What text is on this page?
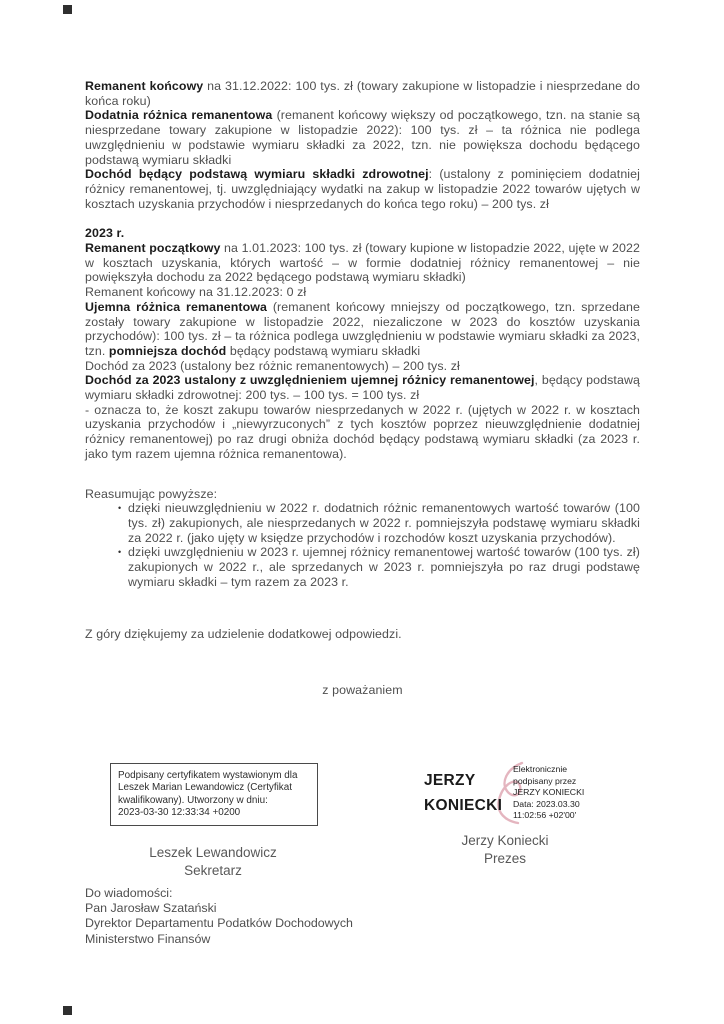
Remanent końcowy na 31.12.2022: 100 tys. zł (towary zakupione w listopadzie i niesprzedane do końca roku)
Dodatnia różnica remanentowa (remanent końcowy większy od początkowego, tzn. na stanie są niesprzedane towary zakupione w listopadzie 2022): 100 tys. zł – ta różnica nie podlega uwzględnieniu w podstawie wymiaru składki za 2022, tzn. nie powiększa dochodu będącego podstawą wymiaru składki
Dochód będący podstawą wymiaru składki zdrowotnej: (ustalony z pominięciem dodatniej różnicy remanentowej, tj. uwzględniający wydatki na zakup w listopadzie 2022 towarów ujętych w kosztach uzyskania przychodów i niesprzedanych do końca tego roku) – 200 tys. zł
2023 r.
Remanent początkowy na 1.01.2023: 100 tys. zł (towary kupione w listopadzie 2022, ujęte w 2022 w kosztach uzyskania, których wartość – w formie dodatniej różnicy remanentowej – nie powiększyła dochodu za 2022 będącego podstawą wymiaru składki)
Remanent końcowy na 31.12.2023: 0 zł
Ujemna różnica remanentowa (remanent końcowy mniejszy od początkowego, tzn. sprzedane zostały towary zakupione w listopadzie 2022, niezaliczone w 2023 do kosztów uzyskania przychodów): 100 tys. zł – ta różnica podlega uwzględnieniu w podstawie wymiaru składki za 2023, tzn. pomniejsza dochód będący podstawą wymiaru składki
Dochód za 2023 (ustalony bez różnic remanentowych) – 200 tys. zł
Dochód za 2023 ustalony z uwzględnieniem ujemnej różnicy remanentowej, będący podstawą wymiaru składki zdrowotnej: 200 tys. – 100 tys. = 100 tys. zł
- oznacza to, że koszt zakupu towarów niesprzedanych w 2022 r. (ujętych w 2022 r. w kosztach uzyskania przychodów i „niewyrzuconych” z tych kosztów poprzez nieuwzględnienie dodatniej różnicy remanentowej) po raz drugi obniża dochód będący podstawą wymiaru składki (za 2023 r. jako tym razem ujemna różnica remanentowa).
Reasumując powyższe:
• dzięki nieuwzględnieniu w 2022 r. dodatnich różnic remanentowych wartość towarów (100 tys. zł) zakupionych, ale niesprzedanych w 2022 r. pomniejszyła podstawę wymiaru składki za 2022 r. (jako ujęty w księdze przychodów i rozchodów koszt uzyskania przychodów).
• dzięki uwzględnieniu w 2023 r. ujemnej różnicy remanentowej wartość towarów (100 tys. zł) zakupionych w 2022 r., ale sprzedanych w 2023 r. pomniejszyła po raz drugi podstawę wymiaru składki – tym razem za 2023 r.
Z góry dziękujemy za udzielenie dodatkowej odpowiedzi.
z poważaniem
Podpisany certyfikatem wystawionym dla
Leszek Marian Lewandowicz (Certyfikat
kwalifikowany). Utworzony w dniu:
2023-03-30 12:33:34 +0200
Leszek Lewandowicz
Sekretarz
JERZY
KONIECKI
Elektronicznie
podpisany przez
JERZY KONIECKI
Data: 2023.03.30
11:02:56 +02'00'
Jerzy Koniecki
Prezes
Do wiadomości:
Pan Jarosław Szatański
Dyrektor Departamentu Podatków Dochodowych
Ministerstwo Finansów
